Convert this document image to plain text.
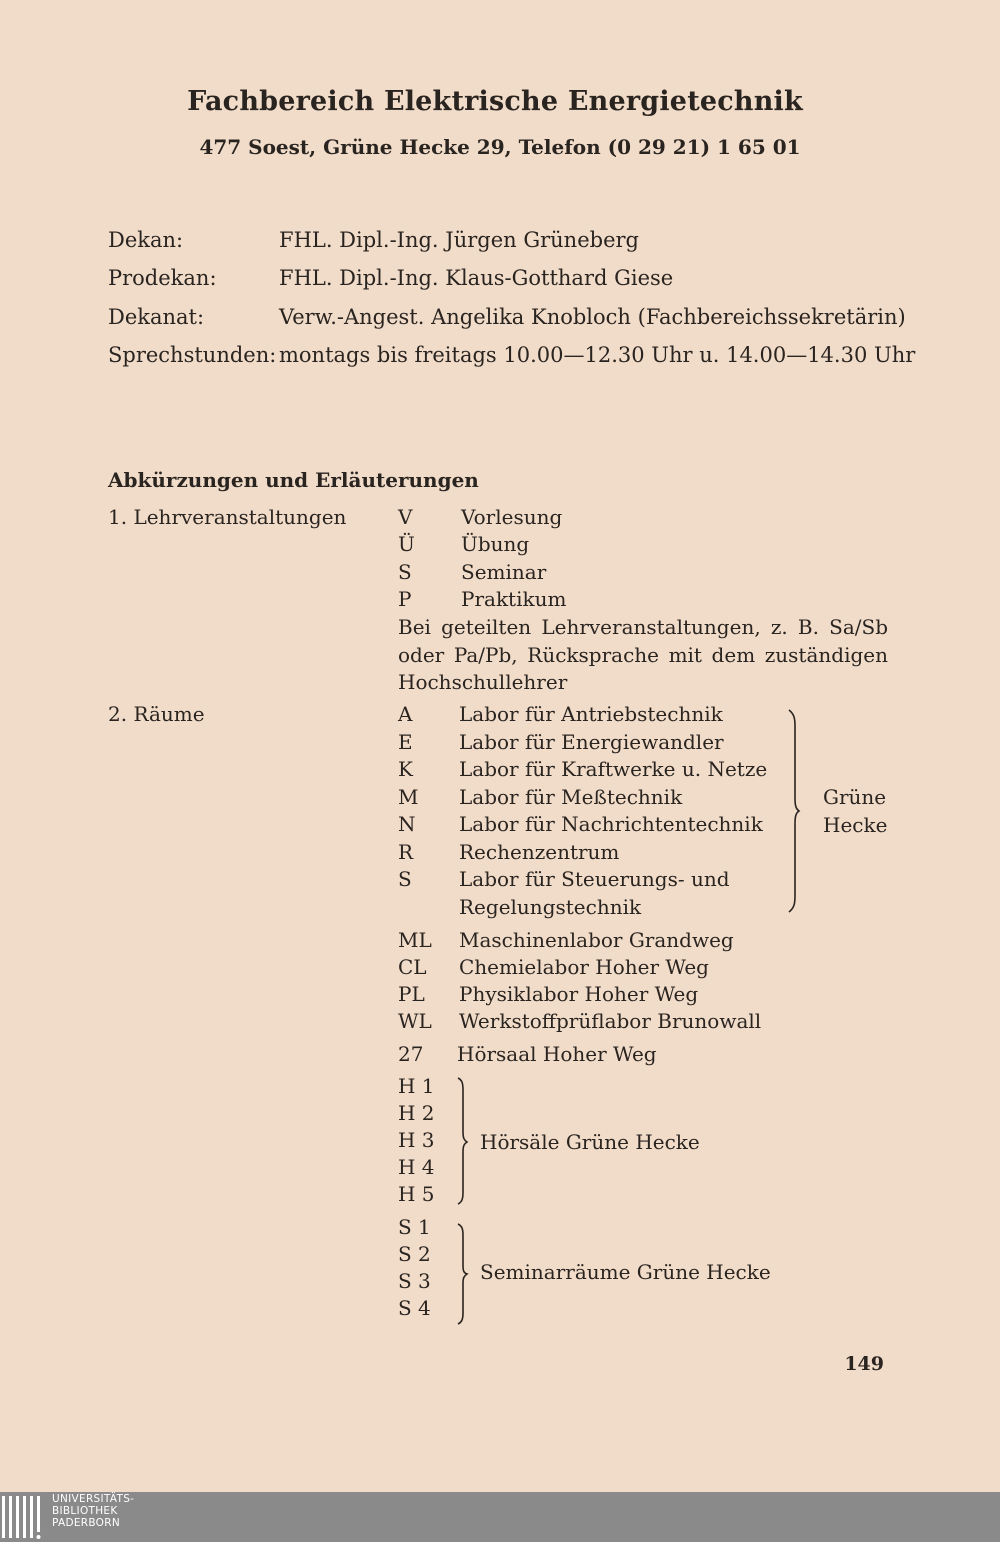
Fachbereich Elektrische Energietechnik
477 Soest, Grüne Hecke 29, Telefon (0 29 21) 1 65 01
Dekan:	FHL. Dipl.-Ing. Jürgen Grüneberg
Prodekan:	FHL. Dipl.-Ing. Klaus-Gotthard Giese
Dekanat:	Verw.-Angest. Angelika Knobloch (Fachbereichssekretärin)
Sprechstunden: montags bis freitags 10.00—12.30 Uhr u. 14.00—14.30 Uhr
Abkürzungen und Erläuterungen
1. Lehrveranstaltungen	V Vorlesung
Ü Übung
S Seminar
P Praktikum
Bei geteilten Lehrveranstaltungen, z. B. Sa/Sb oder Pa/Pb, Rücksprache mit dem zuständigen Hochschullehrer
2. Räume	A Labor für Antriebstechnik
E Labor für Energiewandler
K Labor für Kraftwerke u. Netze
M Labor für Meßtechnik
N Labor für Nachrichtentechnik
R Rechenzentrum
S Labor für Steuerungs- und
Regelungstechnik
Grüne
Hecke
ML Maschinenlabor Grandweg
CL Chemielabor Hoher Weg
PL Physiklabor Hoher Weg
WL Werkstoffprüflabor Brunowall
27 Hörsaal Hoher Weg
H 1
H 2
H 3
H 4
H 5
Hörsäle Grüne Hecke
S 1
S 2
S 3
S 4
Seminarräume Grüne Hecke
149
UNIVERSITÄTS-
BIBLIOTHEK
PADERBORN
